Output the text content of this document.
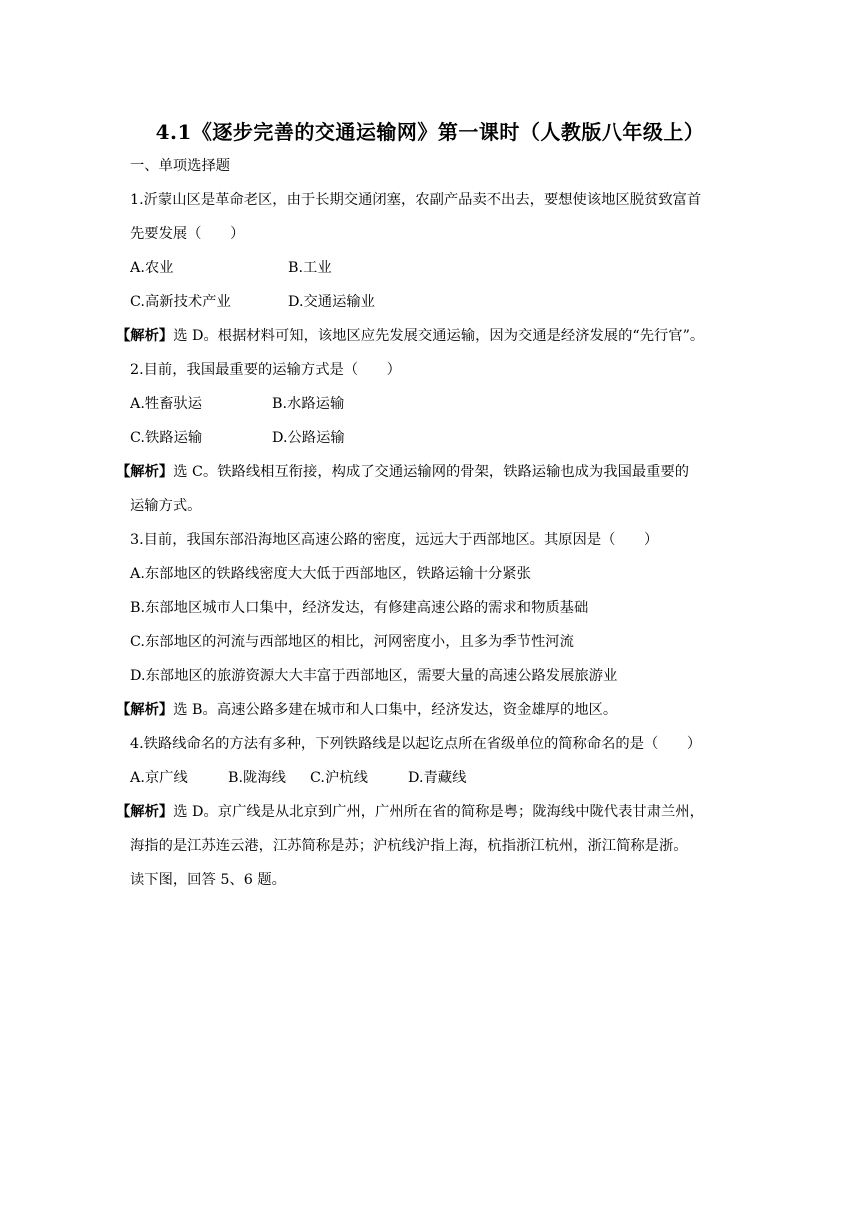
4.1《逐步完善的交通运输网》第一课时（人教版八年级上）
一、单项选择题
1.沂蒙山区是革命老区，由于长期交通闭塞，农副产品卖不出去，要想使该地区脱贫致富首
先要发展（　　）
A.农业	B.工业
C.高新技术产业	D.交通运输业
【解析】选 D。根据材料可知，该地区应先发展交通运输，因为交通是经济发展的“先行官”。
2.目前，我国最重要的运输方式是（　　）
A.牲畜驮运	B.水路运输
C.铁路运输	D.公路运输
【解析】选 C。铁路线相互衔接，构成了交通运输网的骨架，铁路运输也成为我国最重要的
运输方式。
3.目前，我国东部沿海地区高速公路的密度，远远大于西部地区。其原因是（　　）
A.东部地区的铁路线密度大大低于西部地区，铁路运输十分紧张
B.东部地区城市人口集中，经济发达，有修建高速公路的需求和物质基础
C.东部地区的河流与西部地区的相比，河网密度小，且多为季节性河流
D.东部地区的旅游资源大大丰富于西部地区，需要大量的高速公路发展旅游业
【解析】选 B。高速公路多建在城市和人口集中，经济发达，资金雄厚的地区。
4.铁路线命名的方法有多种，下列铁路线是以起讫点所在省级单位的简称命名的是（　　）
A.京广线	B.陇海线 C.沪杭线	D.青藏线
【解析】选 D。京广线是从北京到广州，广州所在省的简称是粤；陇海线中陇代表甘肃兰州，
海指的是江苏连云港，江苏简称是苏；沪杭线沪指上海，杭指浙江杭州，浙江简称是浙。
读下图，回答 5、6 题。
